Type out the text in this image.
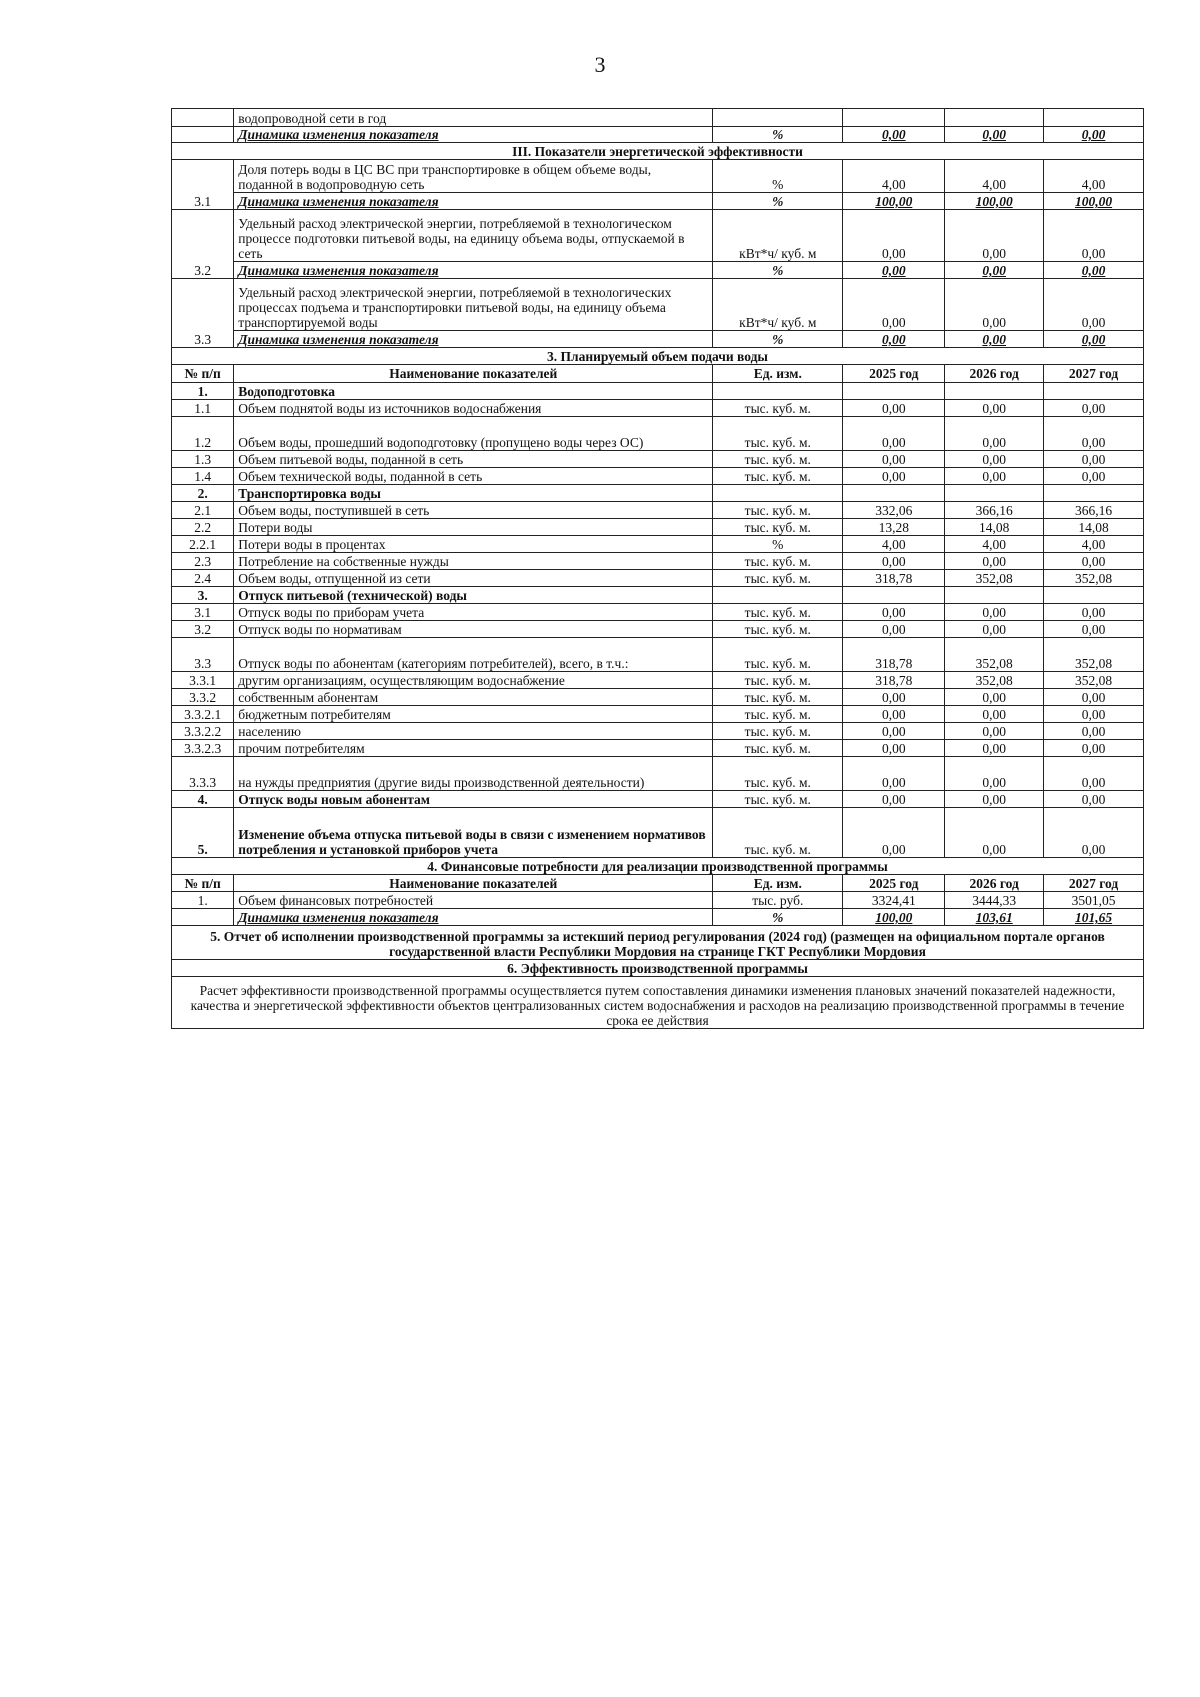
3
	водопроводной сети в год				
	Динамика изменения показателя	%	0,00	0,00	0,00
III. Показатели энергетической эффективности					
3.1	Доля потерь воды в ЦС ВС при транспортировке в общем объеме воды, поданной в водопроводную сеть	%	4,00	4,00	4,00
	Динамика изменения показателя	%	100,00	100,00	100,00
3.2	Удельный расход электрической энергии, потребляемой в технологическом процессе подготовки питьевой воды, на единицу объема воды, отпускаемой в сеть	кВт*ч/ куб. м	0,00	0,00	0,00
	Динамика изменения показателя	%	0,00	0,00	0,00
3.3	Удельный расход электрической энергии, потребляемой в технологических процессах подъема и транспортировки питьевой воды, на единицу объема транспортируемой воды	кВт*ч/ куб. м	0,00	0,00	0,00
	Динамика изменения показателя	%	0,00	0,00	0,00
3. Планируемый объем подачи воды					
№ п/п	Наименование показателей	Ед. изм.	2025 год	2026 год	2027 год
1.	Водоподготовка				
1.1	Объем поднятой воды из источников водоснабжения	тыс. куб. м.	0,00	0,00	0,00
1.2	Объем воды, прошедший водоподготовку (пропущено воды через ОС)	тыс. куб. м.	0,00	0,00	0,00
1.3	Объем питьевой воды, поданной в сеть	тыс. куб. м.	0,00	0,00	0,00
1.4	Объем технической воды, поданной в сеть	тыс. куб. м.	0,00	0,00	0,00
2.	Транспортировка воды				
2.1	Объем воды, поступившей в сеть	тыс. куб. м.	332,06	366,16	366,16
2.2	Потери воды	тыс. куб. м.	13,28	14,08	14,08
2.2.1	Потери воды в процентах	%	4,00	4,00	4,00
2.3	Потребление на собственные нужды	тыс. куб. м.	0,00	0,00	0,00
2.4	Объем воды, отпущенной из сети	тыс. куб. м.	318,78	352,08	352,08
3.	Отпуск питьевой (технической) воды				
3.1	Отпуск воды по приборам учета	тыс. куб. м.	0,00	0,00	0,00
3.2	Отпуск воды по нормативам	тыс. куб. м.	0,00	0,00	0,00
3.3	Отпуск воды по абонентам (категориям потребителей), всего, в т.ч.:	тыс. куб. м.	318,78	352,08	352,08
3.3.1	другим организациям, осуществляющим водоснабжение	тыс. куб. м.	318,78	352,08	352,08
3.3.2	собственным абонентам	тыс. куб. м.	0,00	0,00	0,00
3.3.2.1	бюджетным потребителям	тыс. куб. м.	0,00	0,00	0,00
3.3.2.2	населению	тыс. куб. м.	0,00	0,00	0,00
3.3.2.3	прочим потребителям	тыс. куб. м.	0,00	0,00	0,00
3.3.3	на нужды предприятия (другие виды производственной деятельности)	тыс. куб. м.	0,00	0,00	0,00
4.	Отпуск воды новым абонентам	тыс. куб. м.	0,00	0,00	0,00
5.	Изменение объема отпуска питьевой воды в связи с изменением нормативов потребления и установкой приборов учета	тыс. куб. м.	0,00	0,00	0,00
4. Финансовые потребности для реализации производственной программы					
№ п/п	Наименование показателей	Ед. изм.	2025 год	2026 год	2027 год
1.	Объем финансовых потребностей	тыс. руб.	3324,41	3444,33	3501,05
	Динамика изменения показателя	%	100,00	103,61	101,65
5. Отчет об исполнении производственной программы за истекший период регулирования (2024 год) (размещен на официальном портале органов государственной власти Республики Мордовия на странице ГКТ Республики Мордовия					
6. Эффективность производственной программы					
Расчет эффективности производственной программы осуществляется путем сопоставления динамики изменения плановых значений показателей надежности, качества и энергетической эффективности объектов централизованных систем водоснабжения и расходов на реализацию производственной программы в течение срока ее действия					
